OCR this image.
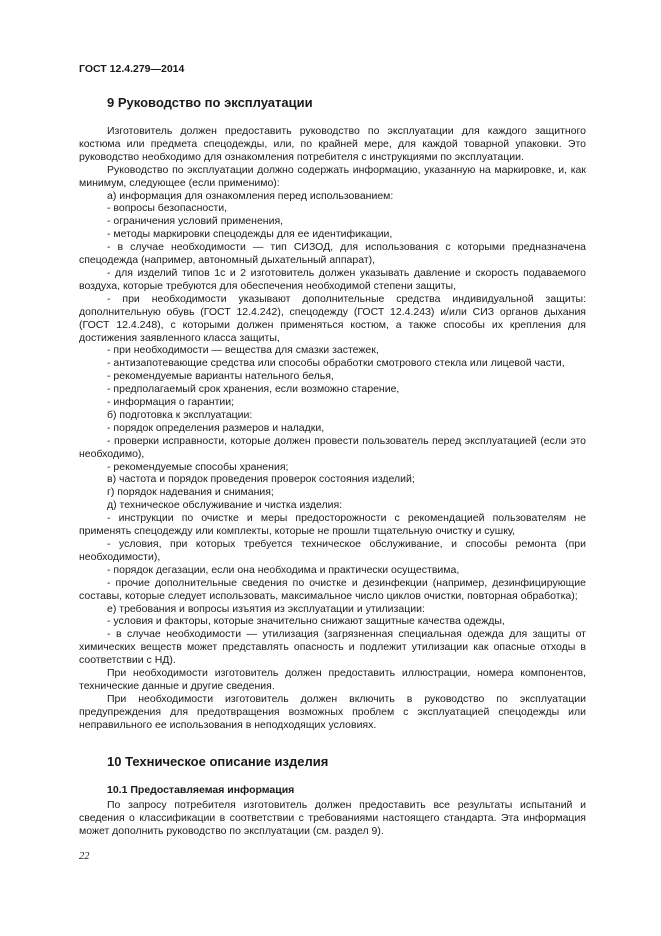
ГОСТ 12.4.279—2014
9 Руководство по эксплуатации

Изготовитель должен предоставить руководство по эксплуатации для каждого защитного костюма или предмета спецодежды, или, по крайней мере, для каждой товарной упаковки. Это руководство необходимо для ознакомления потребителя с инструкциями по эксплуатации.

Руководство по эксплуатации должно содержать информацию, указанную на маркировке, и, как минимум, следующее (если применимо):

а) информация для ознакомления перед использованием:

- вопросы безопасности,

- ограничения условий применения,

- методы маркировки спецодежды для ее идентификации,

- в случае необходимости — тип СИЗОД, для использования с которыми предназначена спецодежда (например, автономный дыхательный аппарат),

- для изделий типов 1с и 2 изготовитель должен указывать давление и скорость подаваемого воздуха, которые требуются для обеспечения необходимой степени защиты,

- при необходимости указывают дополнительные средства индивидуальной защиты: дополнительную обувь (ГОСТ 12.4.242), спецодежду (ГОСТ 12.4.243) и/или СИЗ органов дыхания (ГОСТ 12.4.248), с которыми должен применяться костюм, а также способы их крепления для достижения заявленного класса защиты,

- при необходимости — вещества для смазки застежек,

- антизапотевающие средства или способы обработки смотрового стекла или лицевой части,

- рекомендуемые варианты нательного белья,

- предполагаемый срок хранения, если возможно старение,

- информация о гарантии;

б) подготовка к эксплуатации:

- порядок определения размеров и наладки,

- проверки исправности, которые должен провести пользователь перед эксплуатацией (если это необходимо),

- рекомендуемые способы хранения;

в) частота и порядок проведения проверок состояния изделий;

г) порядок надевания и снимания;

д) техническое обслуживание и чистка изделия:

- инструкции по очистке и меры предосторожности с рекомендацией пользователям не применять спецодежду или комплекты, которые не прошли тщательную очистку и сушку,

- условия, при которых требуется техническое обслуживание, и способы ремонта (при необходимости),

- порядок дегазации, если она необходима и практически осуществима,

- прочие дополнительные сведения по очистке и дезинфекции (например, дезинфицирующие составы, которые следует использовать, максимальное число циклов очистки, повторная обработка);

е) требования и вопросы изъятия из эксплуатации и утилизации:

- условия и факторы, которые значительно снижают защитные качества одежды,

- в случае необходимости — утилизация (загрязненная специальная одежда для защиты от химических веществ может представлять опасность и подлежит утилизации как опасные отходы в соответствии с НД).

При необходимости изготовитель должен предоставить иллюстрации, номера компонентов, технические данные и другие сведения.

При необходимости изготовитель должен включить в руководство по эксплуатации предупреждения для предотвращения возможных проблем с эксплуатацией спецодежды или неправильного ее использования в неподходящих условиях.

10 Техническое описание изделия
10.1 Предоставляемая информация

По запросу потребителя изготовитель должен предоставить все результаты испытаний и сведения о классификации в соответствии с требованиями настоящего стандарта. Эта информация может дополнить руководство по эксплуатации (см. раздел 9).

22
